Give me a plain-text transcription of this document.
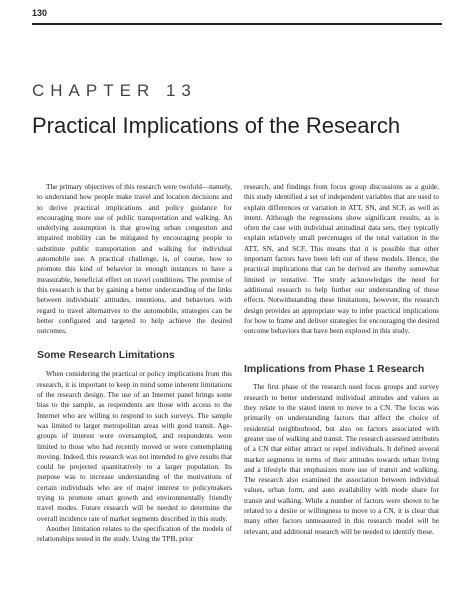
130
CHAPTER 13
Practical Implications of the Research

The primary objectives of this research were twofold—namely, to understand how people make travel and location decisions and to derive practical implications and policy guidance for encouraging more use of public transportation and walking. An underlying assumption is that growing urban congestion and impaired mobility can be mitigated by encouraging people to substitute public transportation and walking for individual automobile use. A practical challenge, is, of course, how to promote this kind of behavior in enough instances to have a measurable, beneficial effect on travel conditions. The premise of this research is that by gaining a better understanding of the links between individuals' attitudes, intentions, and behaviors with regard to travel alternatives to the automobile, strategies can be better configured and targeted to help achieve the desired outcomes.

Some Research Limitations

When considering the practical or policy implications from this research, it is important to keep in mind some inherent limitations of the research design. The use of an Internet panel brings some bias to the sample, as respondents are those with access to the Internet who are willing to respond to such surveys. The sample was limited to larger metropolitan areas with good transit. Age-groups of interest were oversampled, and respondents were limited to those who had recently moved or were contemplating moving. Indeed, this research was not intended to give results that could be projected quantitatively to a larger population. Its purpose was to increase understanding of the motivations of certain individuals who are of major interest to policymakers trying to promote smart growth and environmentally friendly travel modes. Future research will be needed to determine the overall incidence rate of market segments described in this study.

Another limitation relates to the specification of the models of relationships tested in the study. Using the TPB, prior

research, and findings from focus group discussions as a guide, this study identified a set of independent variables that are used to explain differences or variation in ATT, SN, and SCF, as well as intent. Although the regressions show significant results, as is often the case with individual attitudinal data sets, they typically explain relatively small percentages of the total variation in the ATT, SN, and SCF. This means that it is possible that other important factors have been left out of these models. Hence, the practical implications that can be derived are thereby somewhat limited or tentative. The study acknowledges the need for additional research to help further our understanding of these effects. Notwithstanding these limitations, however, the research design provides an appropriate way to infer practical implications for how to frame and deliver strategies for encouraging the desired outcome behaviors that have been explored in this study.

Implications from Phase 1 Research

The first phase of the research used focus groups and survey research to better understand individual attitudes and values as they relate to the stated intent to move to a CN. The focus was primarily on understanding factors that affect the choice of residential neighborhood, but also on factors associated with greater use of walking and transit. The research assessed attributes of a CN that either attract or repel individuals. It defined several market segments in terms of their attitudes towards urban living and a lifestyle that emphasizes more use of transit and walking. The research also examined the association between individual values, urban form, and auto availability with mode share for transit and walking. While a number of factors were shown to be related to a desire or willingness to move to a CN, it is clear that many other factors unmeasured in this research model will be relevant, and additional research will be needed to identify these.
